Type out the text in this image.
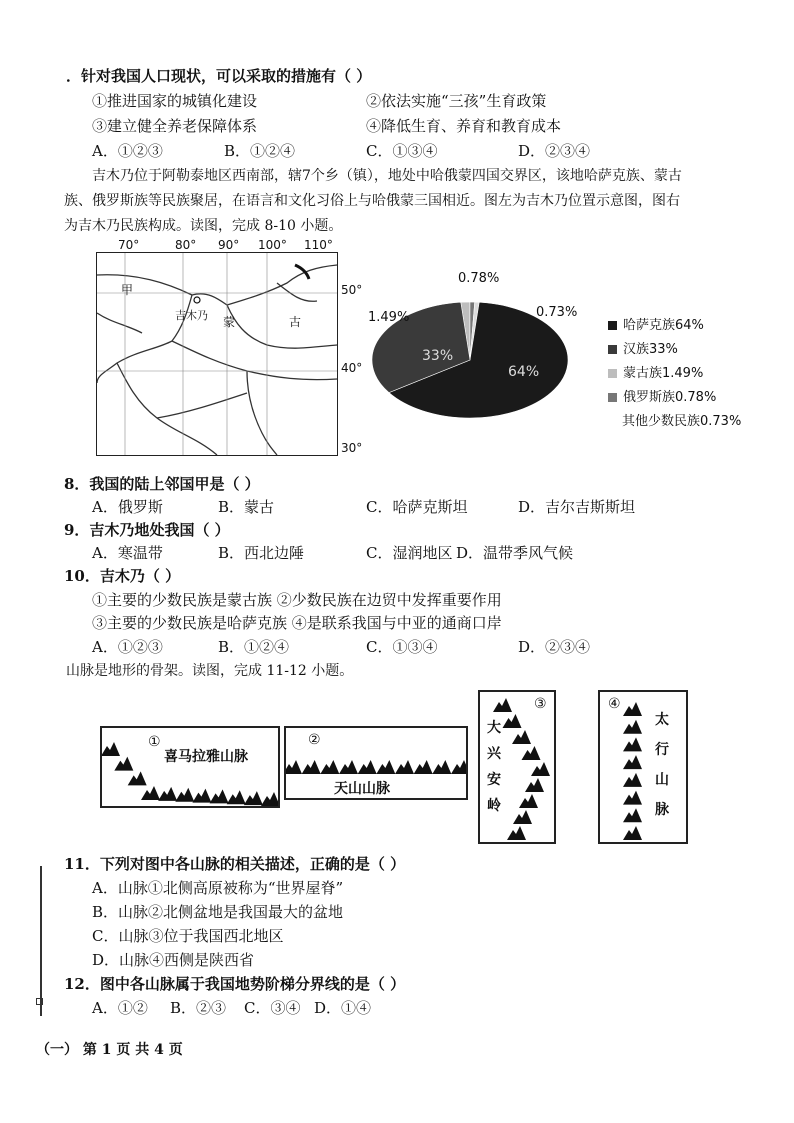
．针对我国人口现状，可以采取的措施有（ ）
①推进国家的城镇化建设	②依法实施“三孩”生育政策
③建立健全养老保障体系	④降低生育、养育和教育成本
A．①②③	B．①②④	C．①③④	D．②③④
吉木乃位于阿勒泰地区西南部，辖7个乡（镇），地处中哈俄蒙四国交界区，该地哈萨克族、蒙古
族、俄罗斯族等民族聚居，在语言和文化习俗上与哈俄蒙三国相近。图左为吉木乃位置示意图，图右
为吉木乃民族构成。读图，完成 8-10 小题。
70°	80° 90° 100° 110°
50°
40°
30°
甲
吉木乃 蒙	古
0.78%
1.49%	0.73%
33%
64%
哈萨克族64%
汉族33%
蒙古族1.49%
俄罗斯族0.78%
其他少数民族0.73%
8．我国的陆上邻国甲是（ ）
A．俄罗斯	B．蒙古	C．哈萨克斯坦	D．吉尔吉斯斯坦
9．吉木乃地处我国（ ）
A．寒温带	B．西北边陲	C．湿润地区 D．温带季风气候
10．吉木乃（ ）
①主要的少数民族是蒙古族 ②少数民族在边贸中发挥重要作用
③主要的少数民族是哈萨克族 ④是联系我国与中亚的通商口岸
A．①②③	B．①②④	C．①③④	D．②③④
山脉是地形的骨架。读图，完成 11-12 小题。
①
喜马拉雅山脉
②
天山山脉
③
大
兴
安
岭
④
太
行
山
脉
11．下列对图中各山脉的相关描述，正确的是（ ）
A．山脉①北侧高原被称为“世界屋脊”
B．山脉②北侧盆地是我国最大的盆地
C．山脉③位于我国西北地区
D．山脉④西侧是陕西省
12．图中各山脉属于我国地势阶梯分界线的是（ ）
A．①② B．②③ C．③④ D．①④
（一） 第 1 页 共 4 页
